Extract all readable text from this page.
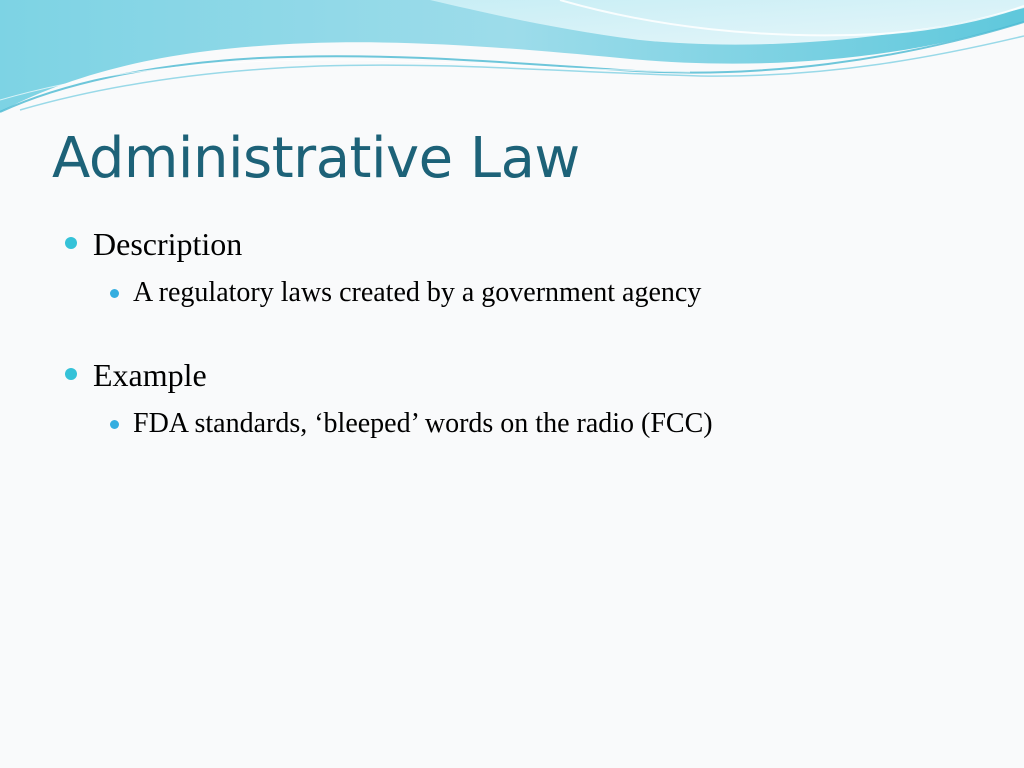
Administrative Law
Description
A regulatory laws created by a government agency
Example
FDA standards, ‘bleeped’ words on the radio (FCC)
